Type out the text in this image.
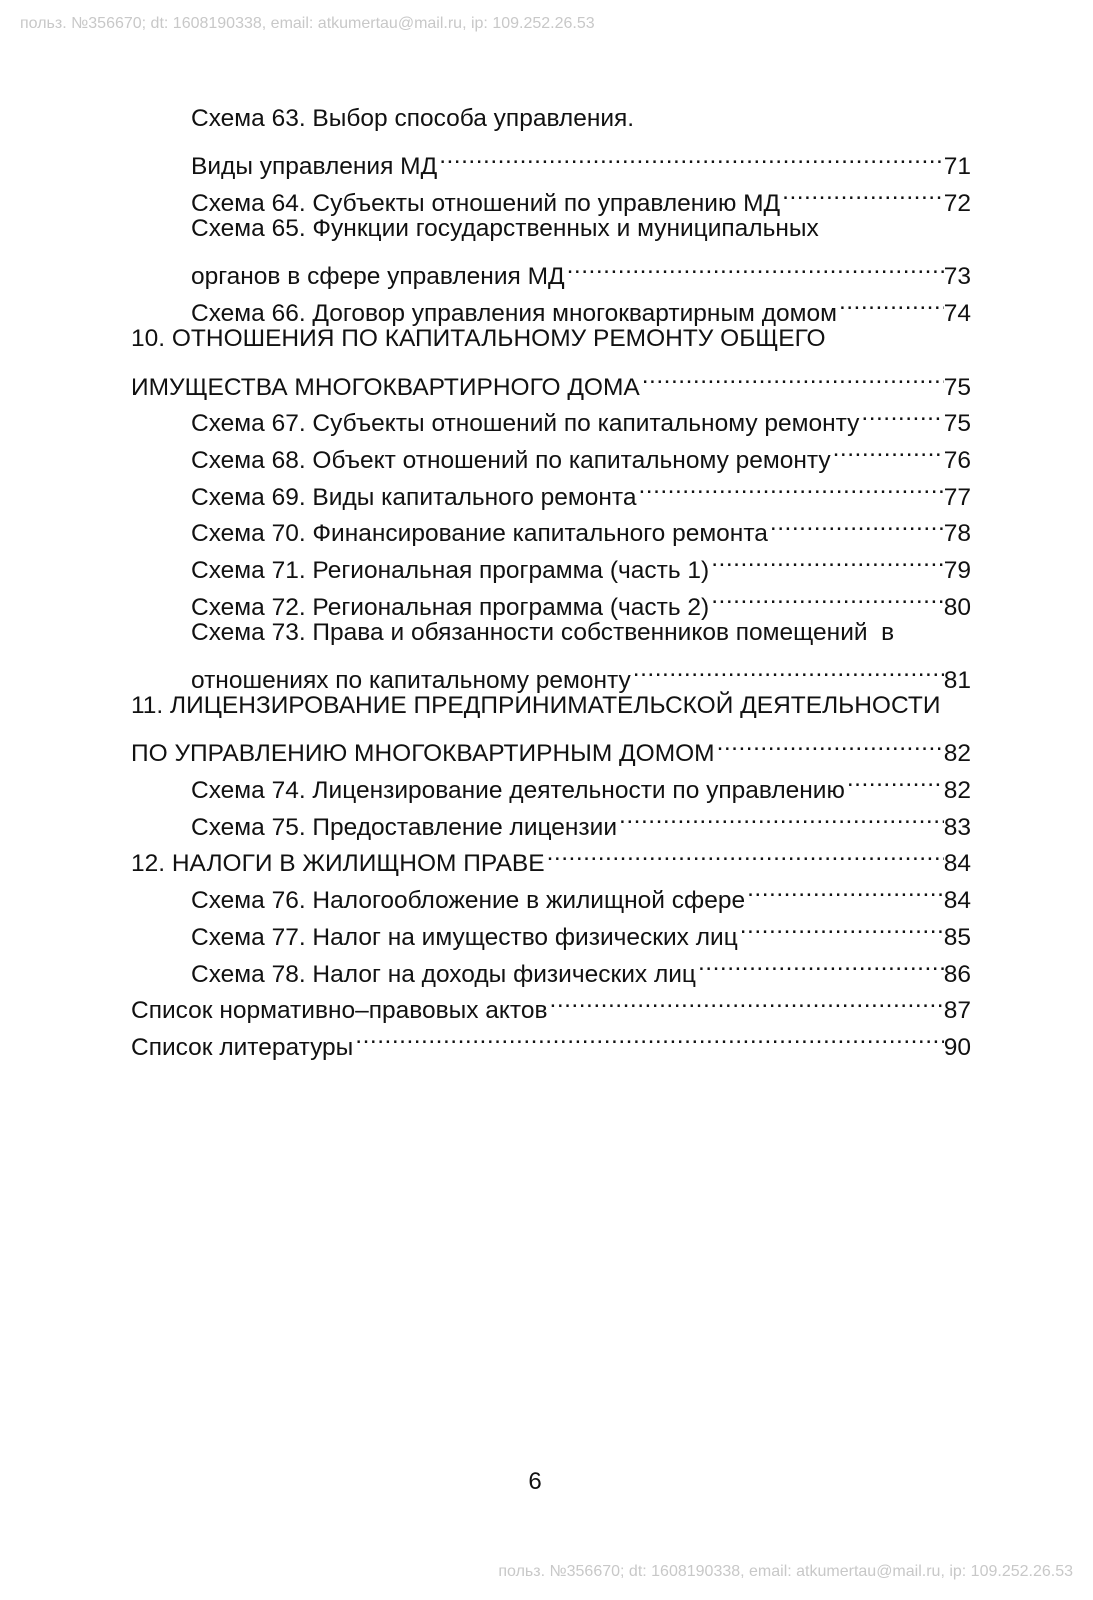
польз. №356670; dt: 1608190338, email: atkumertau@mail.ru, ip: 109.252.26.53
Схема 63. Выбор способа управления.
Виды управления МД .....	71
Схема 64. Субъекты отношений по управлению МД .....	72
Схема 65. Функции государственных и муниципальных
органов в сфере управления МД .....	73
Схема 66. Договор управления многоквартирным домом .....	74
10. ОТНОШЕНИЯ ПО КАПИТАЛЬНОМУ РЕМОНТУ ОБЩЕГО
ИМУЩЕСТВА МНОГОКВАРТИРНОГО ДОМА .....	75
Схема 67. Субъекты отношений по капитальному ремонту .....	75
Схема 68. Объект отношений по капитальному ремонту .....	76
Схема 69. Виды капитального ремонта .....	77
Схема 70. Финансирование капитального ремонта .....	78
Схема 71. Региональная программа (часть 1) .....	79
Схема 72. Региональная программа (часть 2) .....	80
Схема 73. Права и обязанности собственников помещений  в
отношениях по капитальному ремонту .....	81
11. ЛИЦЕНЗИРОВАНИЕ ПРЕДПРИНИМАТЕЛЬСКОЙ ДЕЯТЕЛЬНОСТИ
ПО УПРАВЛЕНИЮ МНОГОКВАРТИРНЫМ ДОМОМ .....	82
Схема 74. Лицензирование деятельности по управлению .....	82
Схема 75. Предоставление лицензии .....	83
12. НАЛОГИ В ЖИЛИЩНОМ ПРАВЕ .....	84
Схема 76. Налогообложение в жилищной сфере .....	84
Схема 77. Налог на имущество физических лиц .....	85
Схема 78. Налог на доходы физических лиц .....	86
Список нормативно–правовых актов .....	87
Список литературы .....	90
6
польз. №356670; dt: 1608190338, email: atkumertau@mail.ru, ip: 109.252.26.53
